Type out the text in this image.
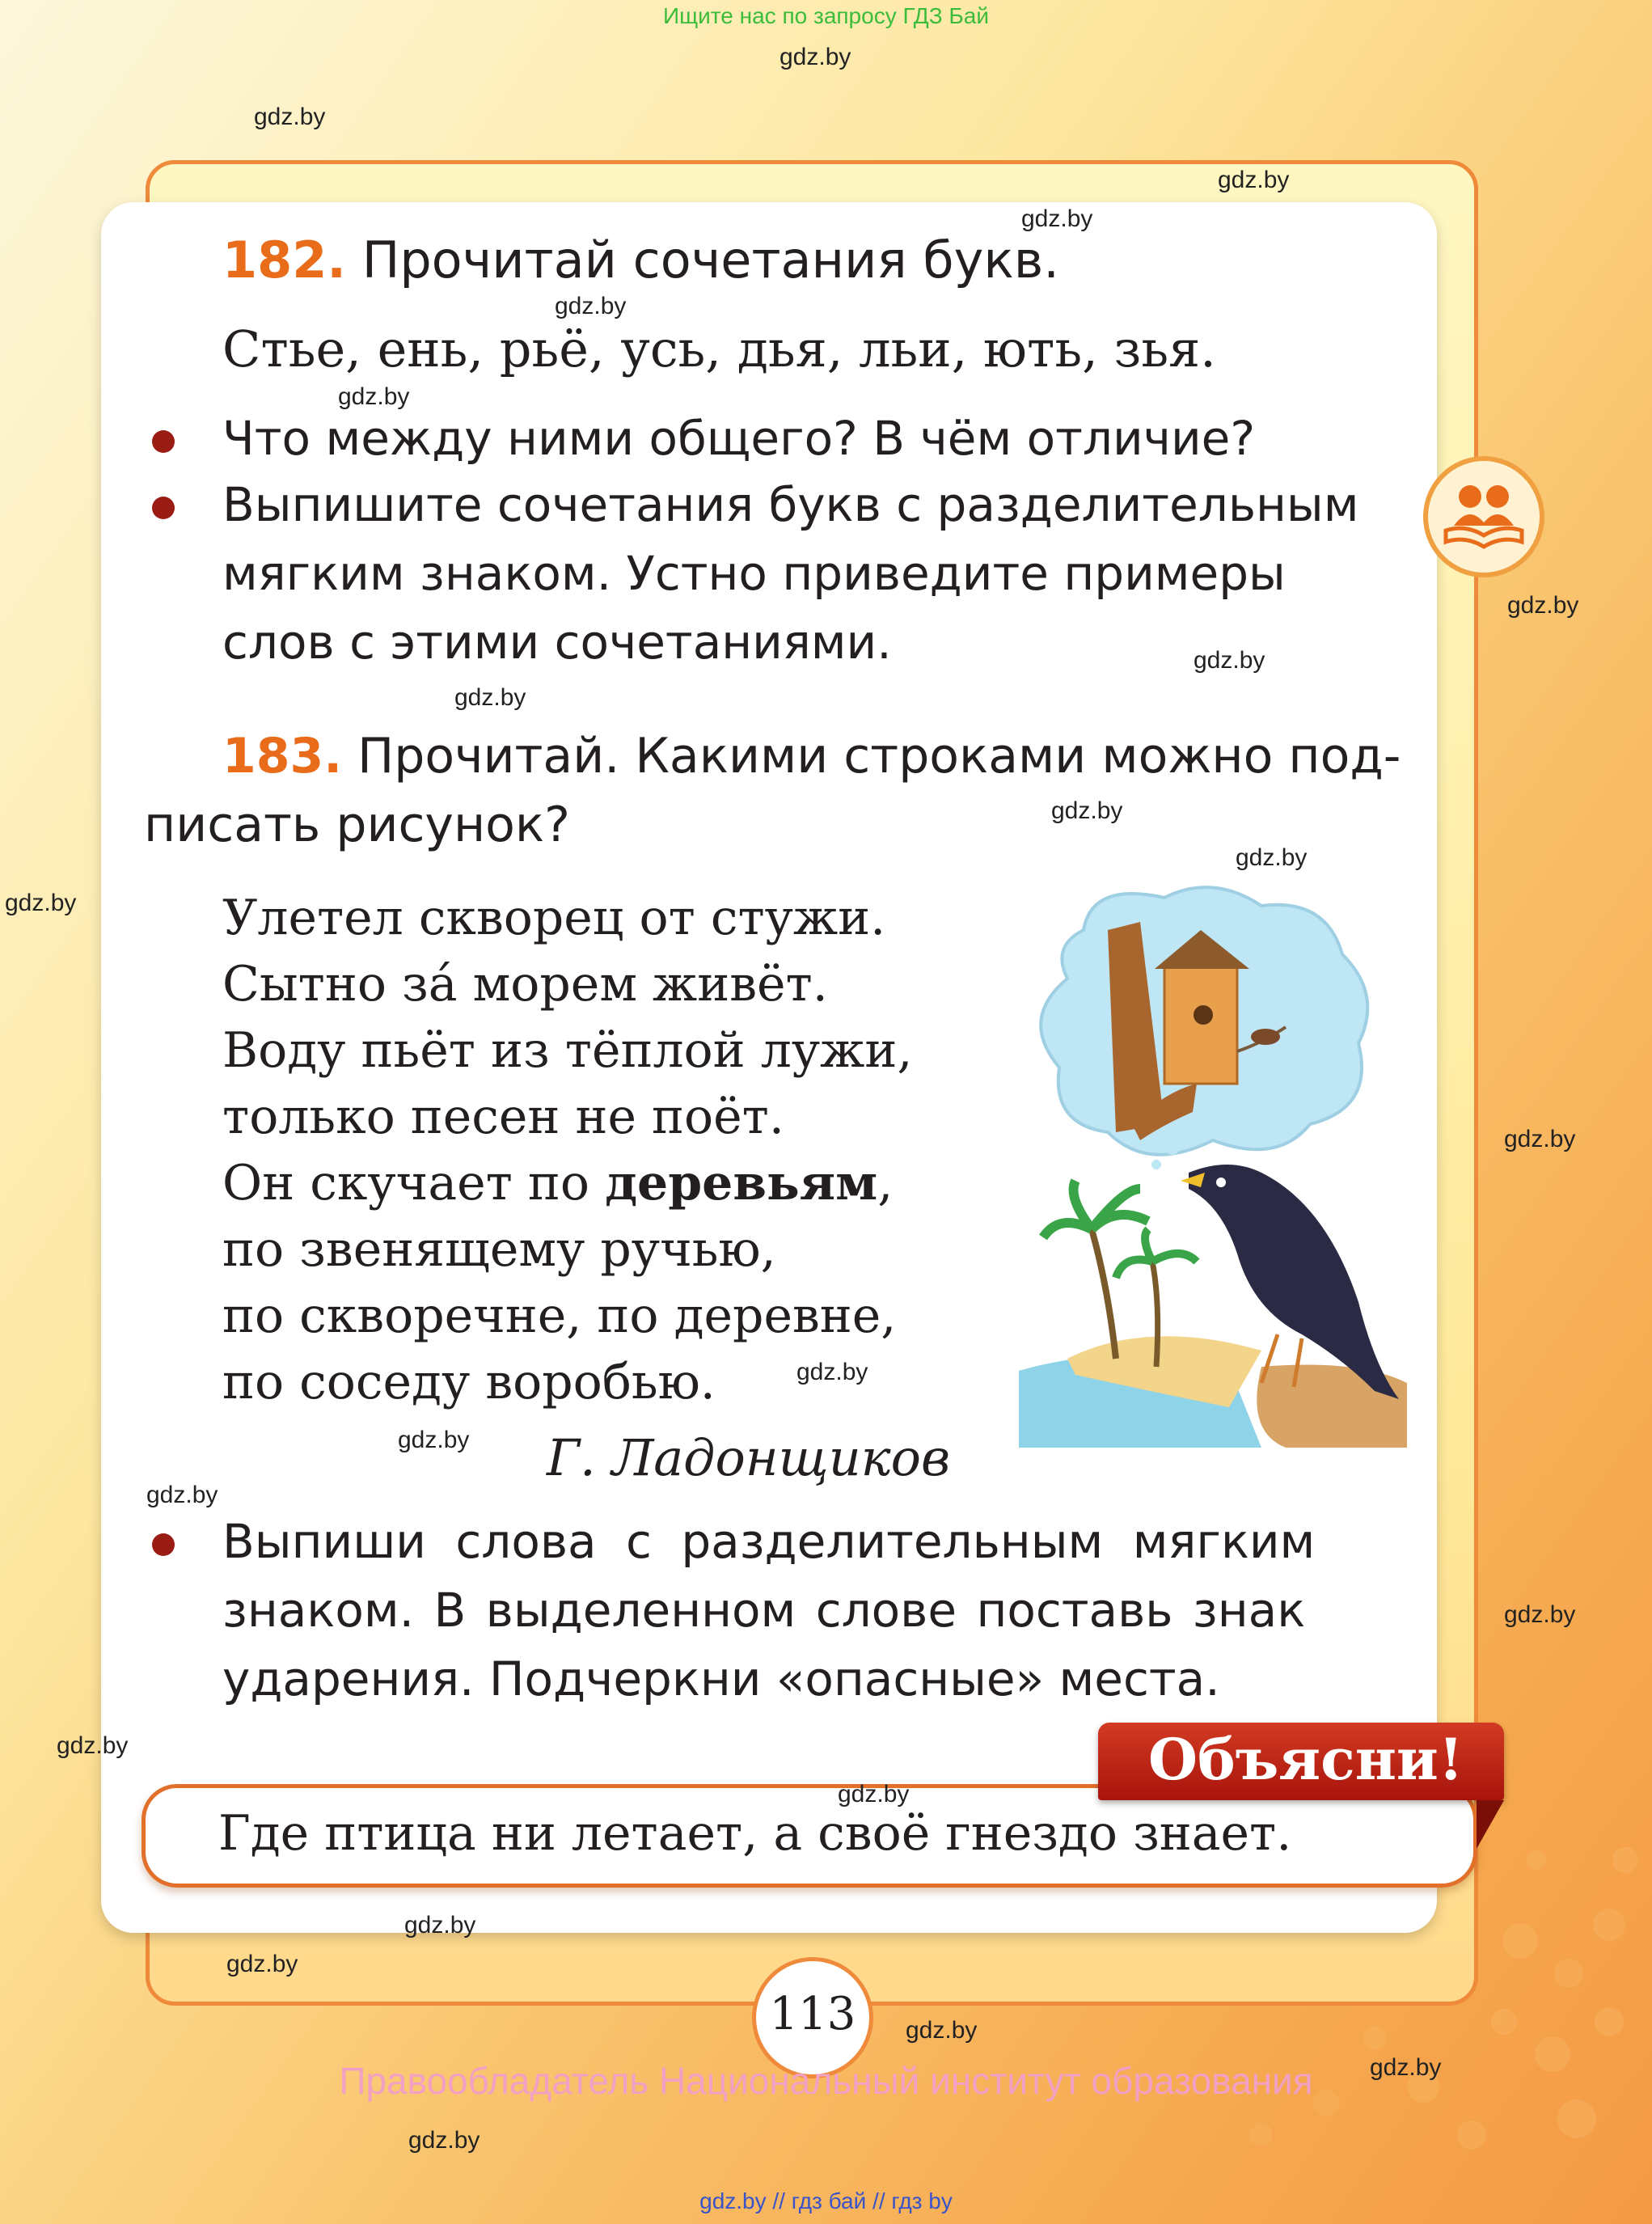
Ищите нас по запросу ГДЗ Бай
182. Прочитай сочетания букв.
Стье, ень, рьё, усь, дья, льи, ють, зья.
Что между ними общего? В чём отличие?
Выпишите сочетания букв с разделительным
мягким знаком. Устно приведите примеры
слов с этими сочетаниями.
183. Прочитай. Какими строками можно под-
писать рисунок?
Улетел скворец от стужи.
Сытно за́ морем живёт.
Воду пьёт из тёплой лужи,
только песен не поёт.
Он скучает по деревьям,
по звенящему ручью,
по скворечне, по деревне,
по соседу воробью.
Г. Ладонщиков
Выпиши слова с разделительным мягким
знаком. В выделенном слове поставь знак
ударения. Подчеркни «опасные» места.
Где птица ни летает, а своё гнездо знает.
Объясни!
113
Правообладатель Национальный институт образования
gdz.by // гдз бай // гдз by
gdz.by
gdz.by
gdz.by
gdz.by
gdz.by
gdz.by
gdz.by
gdz.by
gdz.by
gdz.by
gdz.by
gdz.by
gdz.by
gdz.by
gdz.by
gdz.by
gdz.by
gdz.by
gdz.by
gdz.by
gdz.by
gdz.by
gdz.by
gdz.by
